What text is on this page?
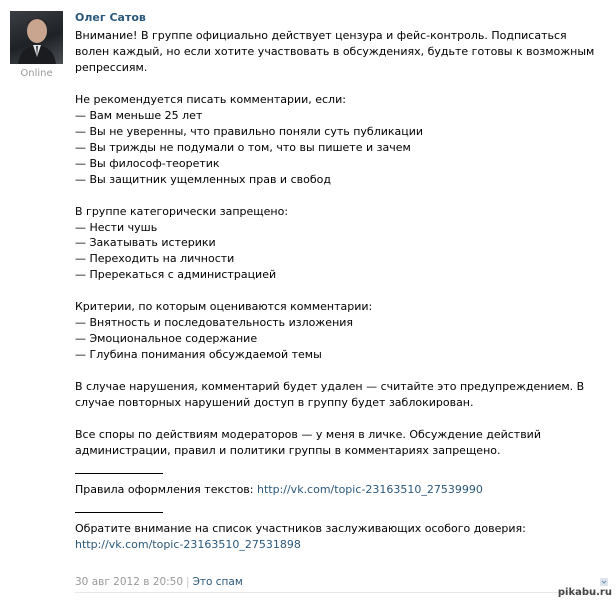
Online
Олег Сатов
Внимание! В группе официально действует цензура и фейс-контроль. Подписаться волен каждый, но если хотите участвовать в обсуждениях, будьте готовы к возможным репрессиям.
Не рекомендуется писать комментарии, если:
— Вам меньше 25 лет
— Вы не уверенны, что правильно поняли суть публикации
— Вы трижды не подумали о том, что вы пишете и зачем
— Вы философ-теоретик
— Вы защитник ущемленных прав и свобод
В группе категорически запрещено:
— Нести чушь
— Закатывать истерики
— Переходить на личности
— Пререкаться с администрацией
Критерии, по которым оцениваются комментарии:
— Внятность и последовательность изложения
— Эмоциональное содержание
— Глубина понимания обсуждаемой темы
В случае нарушения, комментарий будет удален — считайте это предупреждением. В случае повторных нарушений доступ в группу будет заблокирован.
Все споры по действиям модераторов — у меня в личке. Обсуждение действий администрации, правил и политики группы в комментариях запрещено.
Правила оформления текстов: http://vk.com/topic-23163510_27539990
Обратите внимание на список участников заслуживающих особого доверия: http://vk.com/topic-23163510_27531898
30 авг 2012 в 20:50 | Это спам
pikabu.ru
